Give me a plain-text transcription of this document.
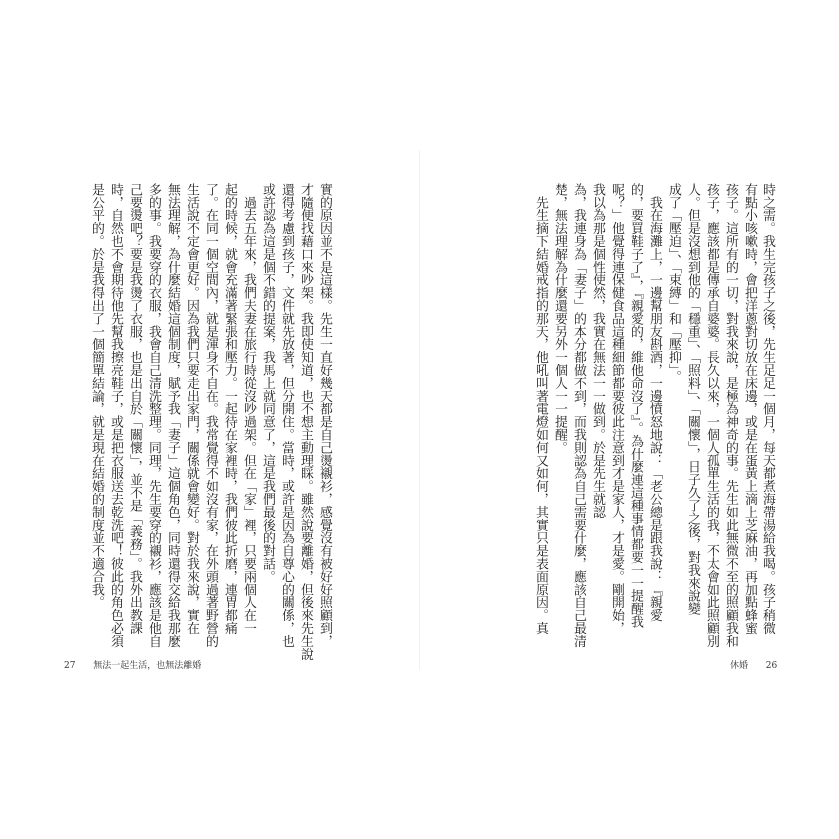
時之需。我生完孩子之後，先生足足一個月，每天都煮海帶湯給我喝。孩子稍微
有點小咳嗽時，會把洋蔥對切放在床邊，或是在蛋黃上滴上芝麻油，再加點蜂蜜
孩子。這所有的一切，對我來說，是極為神奇的事。先生如此無微不至的照顧我和
孩子，應該都是傳承自婆婆。長久以來，一個人孤單生活的我，不太會如此照顧別
人。但是沒想到他的「穩重」、「照料」、「關懷」，日子久了之後，對我來說變
成了「壓迫」、「束縛」和「壓抑」。
　我在海灘上，一邊幫朋友斟酒，一邊憤怒地說：「老公總是跟我說：『親愛
的，要買鞋子了』，『親愛的，維他命沒了』。為什麼連這種事情都要一一提醒我
呢？」他覺得連保健食品這種細節都要彼此注意到才是家人，才是愛。剛開始，
我以為那是個性使然，我實在無法一一做到。於是先生就認
為，我連身為「妻子」的本分都做不到，而我則認為自己需要什麼，應該自己最清
楚，無法理解為什麼還要另外一個人一一提醒。
　先生摘下結婚戒指的那天，他吼叫著電燈如何又如何，其實只是表面原因。真
休婚 26
實的原因並不是這樣。先生一直好幾天都是自己燙襯衫，感覺沒有被好好照顧到，
才隨便找藉口來吵架。我即使知道，也不想主動理睬。雖然說要離婚，但後來先生說
還得考慮到孩子，文件就先放著，但分開住。當時，或許是因為自尊心的關係，也
或許認為這是個不錯的提案，我馬上就同意了，這是我們最後的對話。
　過去五年來，我們夫妻在旅行時從沒吵過架。但在「家」裡，只要兩個人在一
起的時候，就會充滿著緊張和壓力。一起待在家裡時，我們彼此折磨，連胃都痛
了。在同一個空間內，就是渾身不自在。我常覺得不如沒有家，在外頭過著野營的
生活說不定會更好。因為我們只要走出家門，關係就會變好。對於我來說，實在
無法理解，為什麼結婚這個制度，賦予我「妻子」這個角色，同時還得交給我那麼
多的事。我要穿的衣服，我會自己清洗整理。同理，先生要穿的襯衫，應該是他自
己要燙吧？要是我燙了衣服，也是出自於「關懷」，並不是「義務」。我外出教課
時，自然也不會期待他先幫我擦亮鞋子，或是把衣服送去乾洗吧！彼此的角色必須
是公平的。於是我得出了一個簡單結論，就是現在結婚的制度並不適合我。
27 無法一起生活，也無法離婚
